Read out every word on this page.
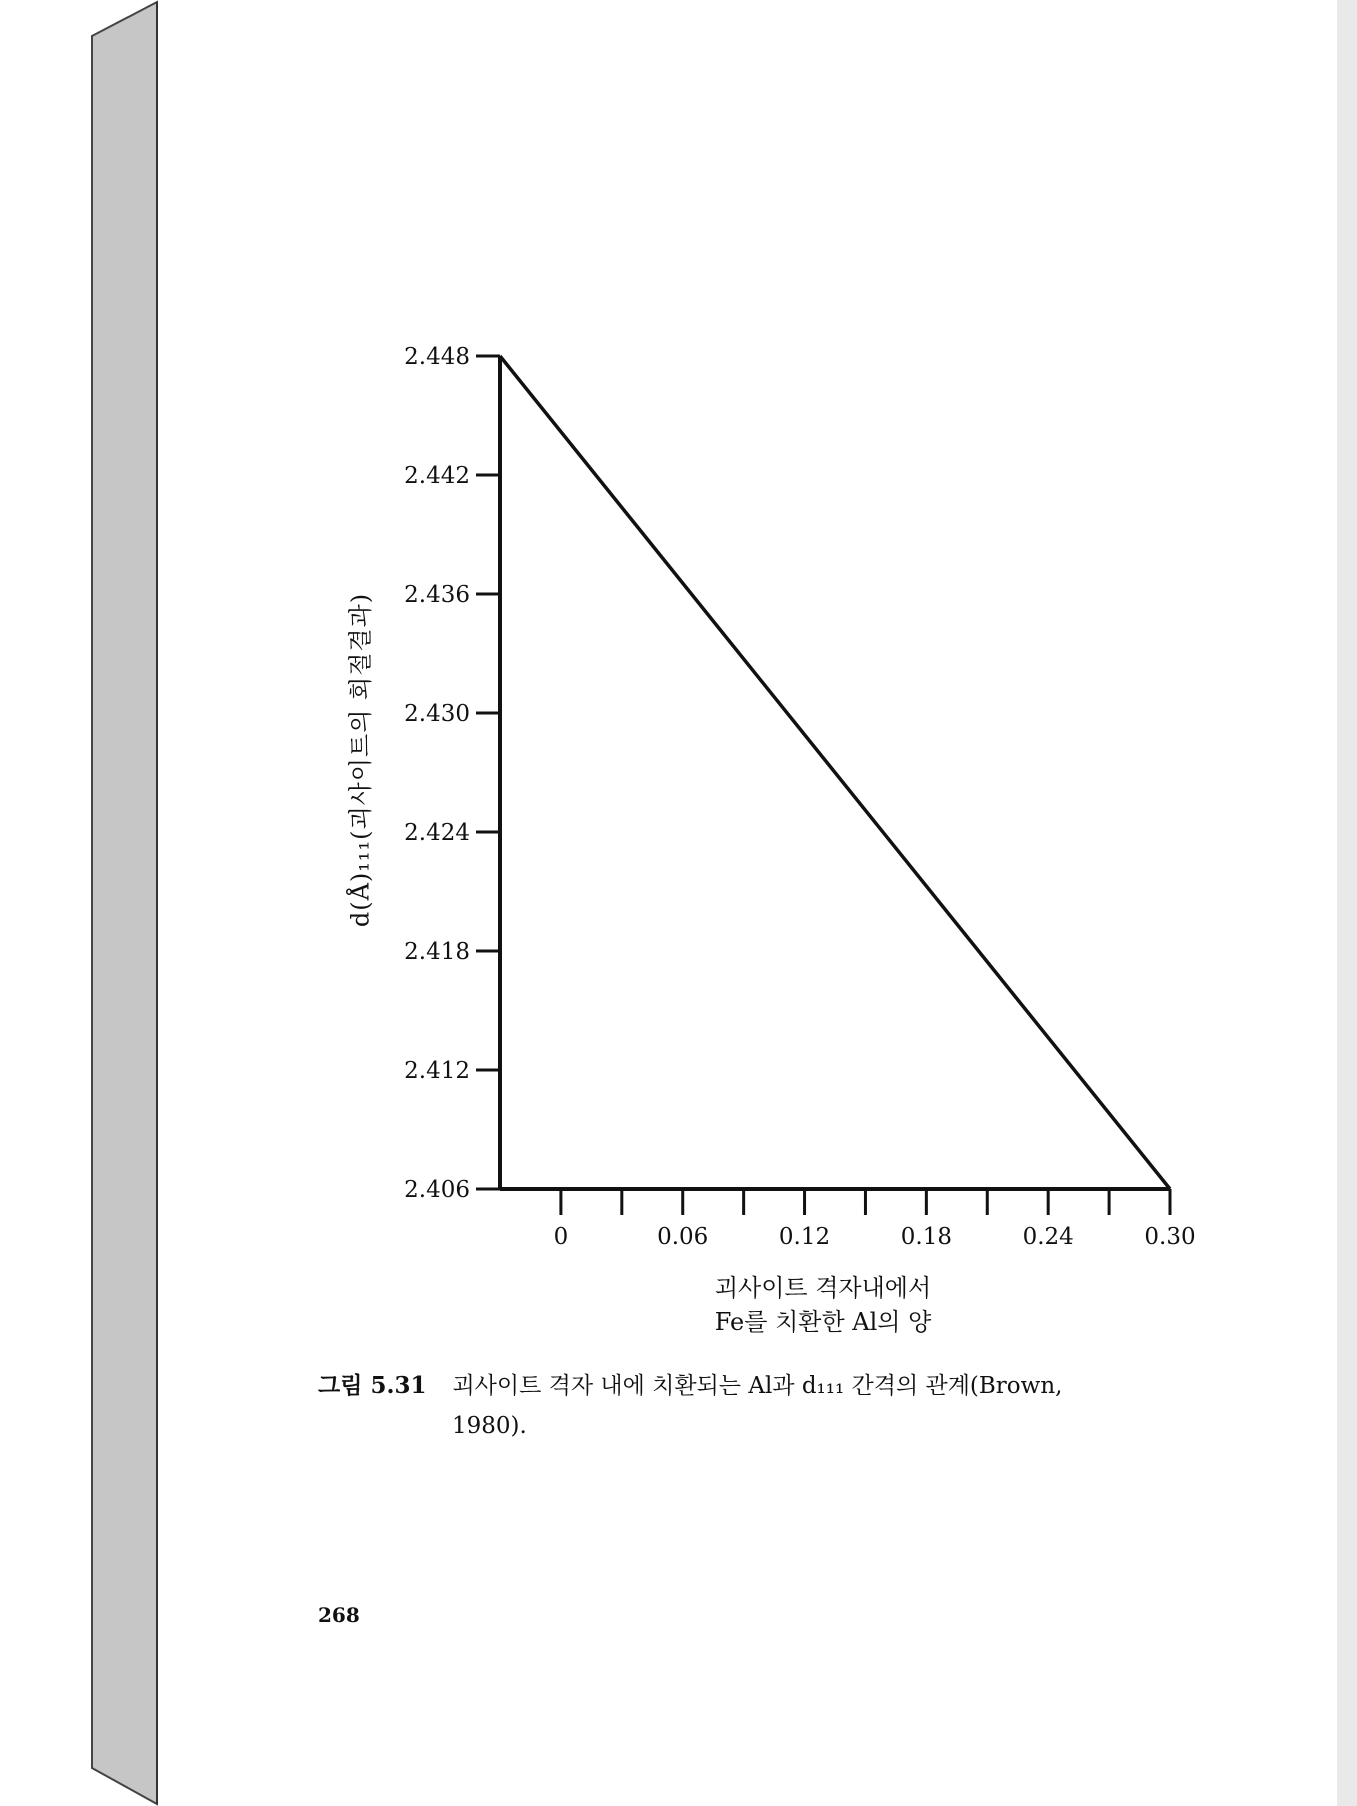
2.448
2.442
2.436
2.430
2.424
2.418
2.412
2.406
0	0.06	0.12	0.18	0.24	0.30
d(Å)₁₁₁(괴사이트의 회절결과)
괴사이트 격자내에서
Fe를 치환한 Al의 양
그림 5.31 괴사이트 격자 내에 치환되는 Al과 d₁₁₁ 간격의 관계(Brown,
1980).
268
